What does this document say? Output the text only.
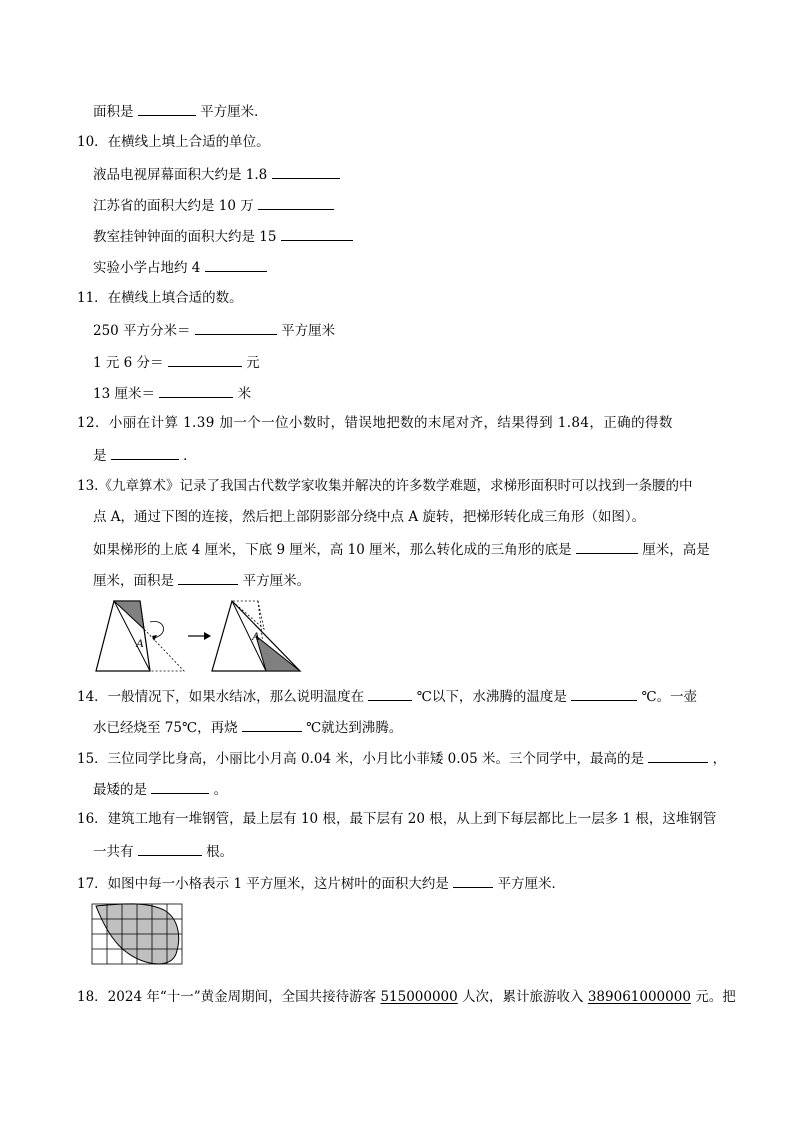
面积是	平方厘米．
10．在横线上填上合适的单位。
液品电视屏幕面积大约是 1.8
江苏省的面积大约是 10 万
教室挂钟钟面的面积大约是 15
实验小学占地约 4
11．在横线上填合适的数。
250 平方分米＝	平方厘米
1 元 6 分＝	元
13 厘米＝	米
12．小丽在计算 1.39 加一个一位小数时，错误地把数的末尾对齐，结果得到 1.84，正确的得数
是	．
13.《九章算术》记录了我国古代数学家收集并解决的许多数学难题，求梯形面积时可以找到一条腰的中
点 A，通过下图的连接，然后把上部阴影部分绕中点 A 旋转，把梯形转化成三角形（如图）。
如果梯形的上底 4 厘米，下底 9 厘米，高 10 厘米，那么转化成的三角形的底是	厘米，高是
厘米，面积是	平方厘米。
A	A
14．一般情况下，如果水结冰，那么说明温度在	℃以下，水沸腾的温度是	℃。一壶
水已经烧至 75℃，再烧	℃就达到沸腾。
15．三位同学比身高，小丽比小月高 0.04 米，小月比小菲矮 0.05 米。三个同学中，最高的是	，
最矮的是	。
16．建筑工地有一堆钢管，最上层有 10 根，最下层有 20 根，从上到下每层都比上一层多 1 根，这堆钢管
一共有	根。
17．如图中每一小格表示 1 平方厘米，这片树叶的面积大约是	平方厘米．
18．2024 年“十一”黄金周期间，全国共接待游客 515000000 人次，累计旅游收入 389061000000 元。把
